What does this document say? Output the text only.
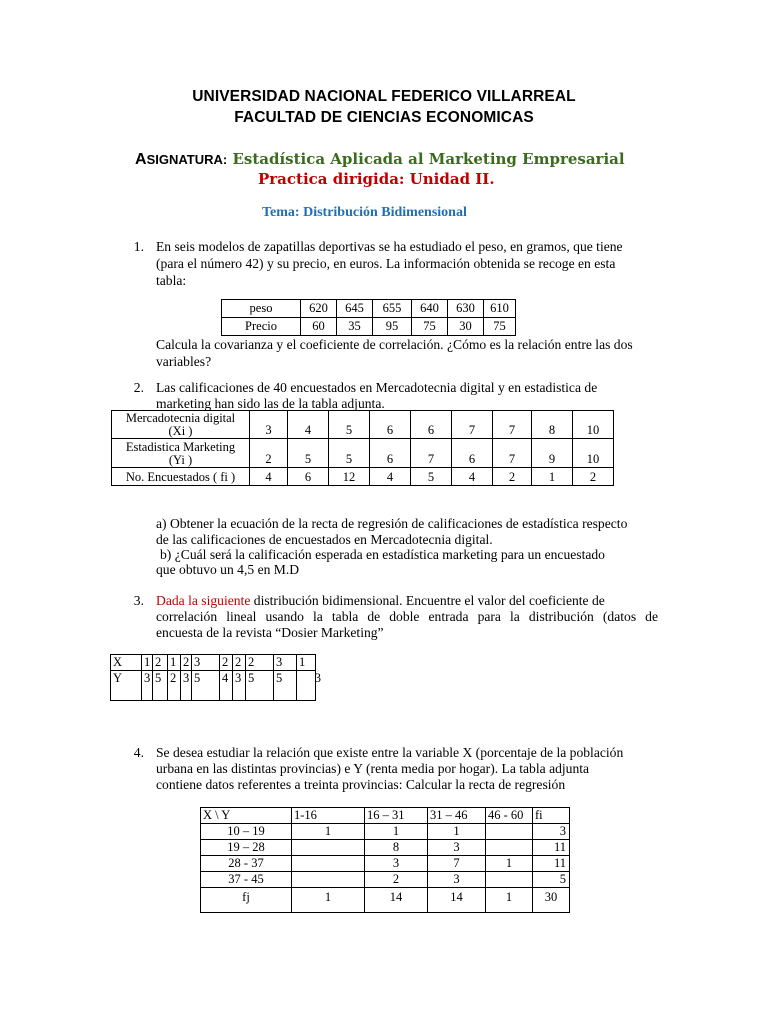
UNIVERSIDAD NACIONAL FEDERICO VILLARREAL
FACULTAD DE CIENCIAS ECONOMICAS
ASIGNATURA: Estadística Aplicada al Marketing Empresarial
Practica dirigida: Unidad II.
Tema: Distribución Bidimensional
1. En seis modelos de zapatillas deportivas se ha estudiado el peso, en gramos, que tiene
(para el número 42) y su precio, en euros. La información obtenida se recoge en esta
tabla:
peso	620	645	655	640	630	610
Precio	60	35	95	75	30	75
Calcula la covarianza y el coeficiente de correlación. ¿Cómo es la relación entre las dos
variables?
2. Las calificaciones de 40 encuestados en Mercadotecnia digital y en estadistica de
marketing han sido las de la tabla adjunta.
Mercadotecnia digital
(Xi )	3	4	5	6	6	7	7	8	10

Estadistica Marketing
(Yi )	2	5	5	6	7	6	7	9	10
No. Encuestados ( fi )	4	6	12	4	5	4	2	1	2
a) Obtener la ecuación de la recta de regresión de calificaciones de estadística respecto
de las calificaciones de encuestados en Mercadotecnia digital.
b) ¿Cuál será la calificación esperada en estadística marketing para un encuestado
que obtuvo un 4,5 en M.D
3. Dada la siguiente distribución bidimensional. Encuentre el valor del coeficiente de
correlación lineal usando la tabla de doble entrada para la distribución (datos de
encuesta de la revista “Dosier Marketing”
X	1	2	1	2	3	2	2	2	3	1
Y	3	5	2	3	5	4	3	5	5	3
4. Se desea estudiar la relación que existe entre la variable X (porcentaje de la población
urbana en las distintas provincias) e Y (renta media por hogar). La tabla adjunta
contiene datos referentes a treinta provincias: Calcular la recta de regresión
X \ Y	1-16	16 – 31	31 – 46	46 - 60	fi
10 – 19	1	1	1		3
19 – 28		8	3		11
28 - 37		3	7	1	11
37 - 45		2	3		5
fj	1	14	14	1	30
